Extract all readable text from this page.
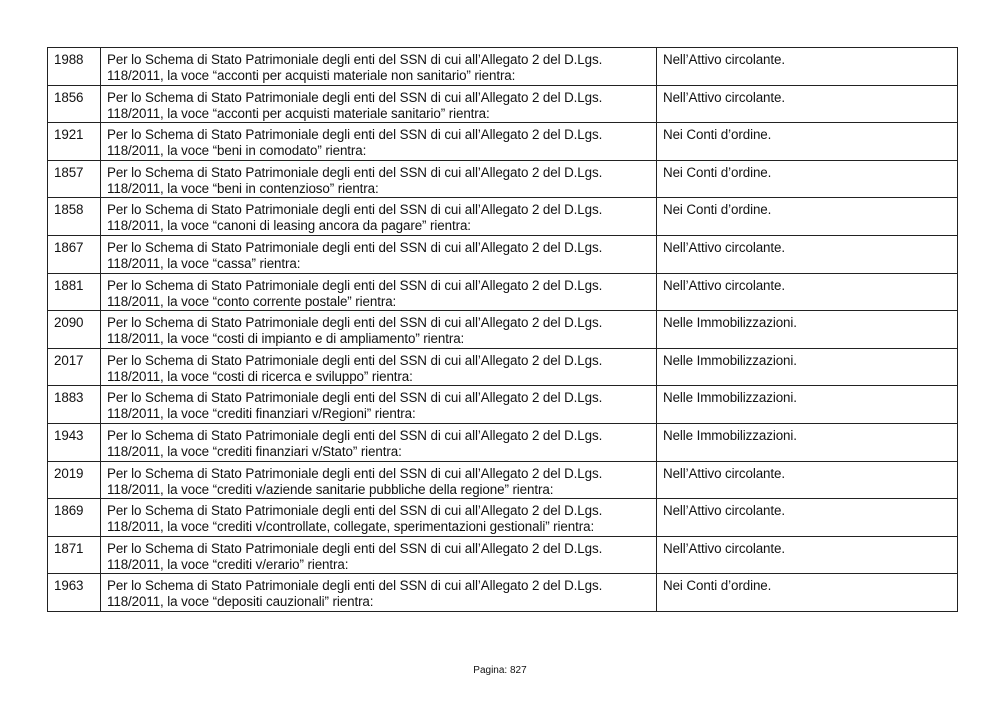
1988	Per lo Schema di Stato Patrimoniale degli enti del SSN di cui all’Allegato 2 del D.Lgs. 118/2011, la voce “acconti per acquisti materiale non sanitario” rientra:	Nell’Attivo circolante.
1856	Per lo Schema di Stato Patrimoniale degli enti del SSN di cui all’Allegato 2 del D.Lgs. 118/2011, la voce “acconti per acquisti materiale sanitario” rientra:	Nell’Attivo circolante.
1921	Per lo Schema di Stato Patrimoniale degli enti del SSN di cui all’Allegato 2 del D.Lgs. 118/2011, la voce “beni in comodato” rientra:	Nei Conti d’ordine.
1857	Per lo Schema di Stato Patrimoniale degli enti del SSN di cui all’Allegato 2 del D.Lgs. 118/2011, la voce “beni in contenzioso” rientra:	Nei Conti d’ordine.
1858	Per lo Schema di Stato Patrimoniale degli enti del SSN di cui all’Allegato 2 del D.Lgs. 118/2011, la voce “canoni di leasing ancora da pagare” rientra:	Nei Conti d’ordine.
1867	Per lo Schema di Stato Patrimoniale degli enti del SSN di cui all’Allegato 2 del D.Lgs. 118/2011, la voce “cassa” rientra:	Nell’Attivo circolante.
1881	Per lo Schema di Stato Patrimoniale degli enti del SSN di cui all’Allegato 2 del D.Lgs. 118/2011, la voce “conto corrente postale” rientra:	Nell’Attivo circolante.
2090	Per lo Schema di Stato Patrimoniale degli enti del SSN di cui all’Allegato 2 del D.Lgs. 118/2011, la voce “costi di impianto e di ampliamento” rientra:	Nelle Immobilizzazioni.
2017	Per lo Schema di Stato Patrimoniale degli enti del SSN di cui all’Allegato 2 del D.Lgs. 118/2011, la voce “costi di ricerca e sviluppo” rientra:	Nelle Immobilizzazioni.
1883	Per lo Schema di Stato Patrimoniale degli enti del SSN di cui all’Allegato 2 del D.Lgs. 118/2011, la voce “crediti finanziari v/Regioni” rientra:	Nelle Immobilizzazioni.
1943	Per lo Schema di Stato Patrimoniale degli enti del SSN di cui all’Allegato 2 del D.Lgs. 118/2011, la voce “crediti finanziari v/Stato” rientra:	Nelle Immobilizzazioni.
2019	Per lo Schema di Stato Patrimoniale degli enti del SSN di cui all’Allegato 2 del D.Lgs. 118/2011, la voce “crediti v/aziende sanitarie pubbliche della regione” rientra:	Nell’Attivo circolante.
1869	Per lo Schema di Stato Patrimoniale degli enti del SSN di cui all’Allegato 2 del D.Lgs. 118/2011, la voce “crediti v/controllate, collegate, sperimentazioni gestionali” rientra:	Nell’Attivo circolante.
1871	Per lo Schema di Stato Patrimoniale degli enti del SSN di cui all’Allegato 2 del D.Lgs. 118/2011, la voce “crediti v/erario” rientra:	Nell’Attivo circolante.
1963	Per lo Schema di Stato Patrimoniale degli enti del SSN di cui all’Allegato 2 del D.Lgs. 118/2011, la voce “depositi cauzionali” rientra:	Nei Conti d’ordine.
Pagina: 827
